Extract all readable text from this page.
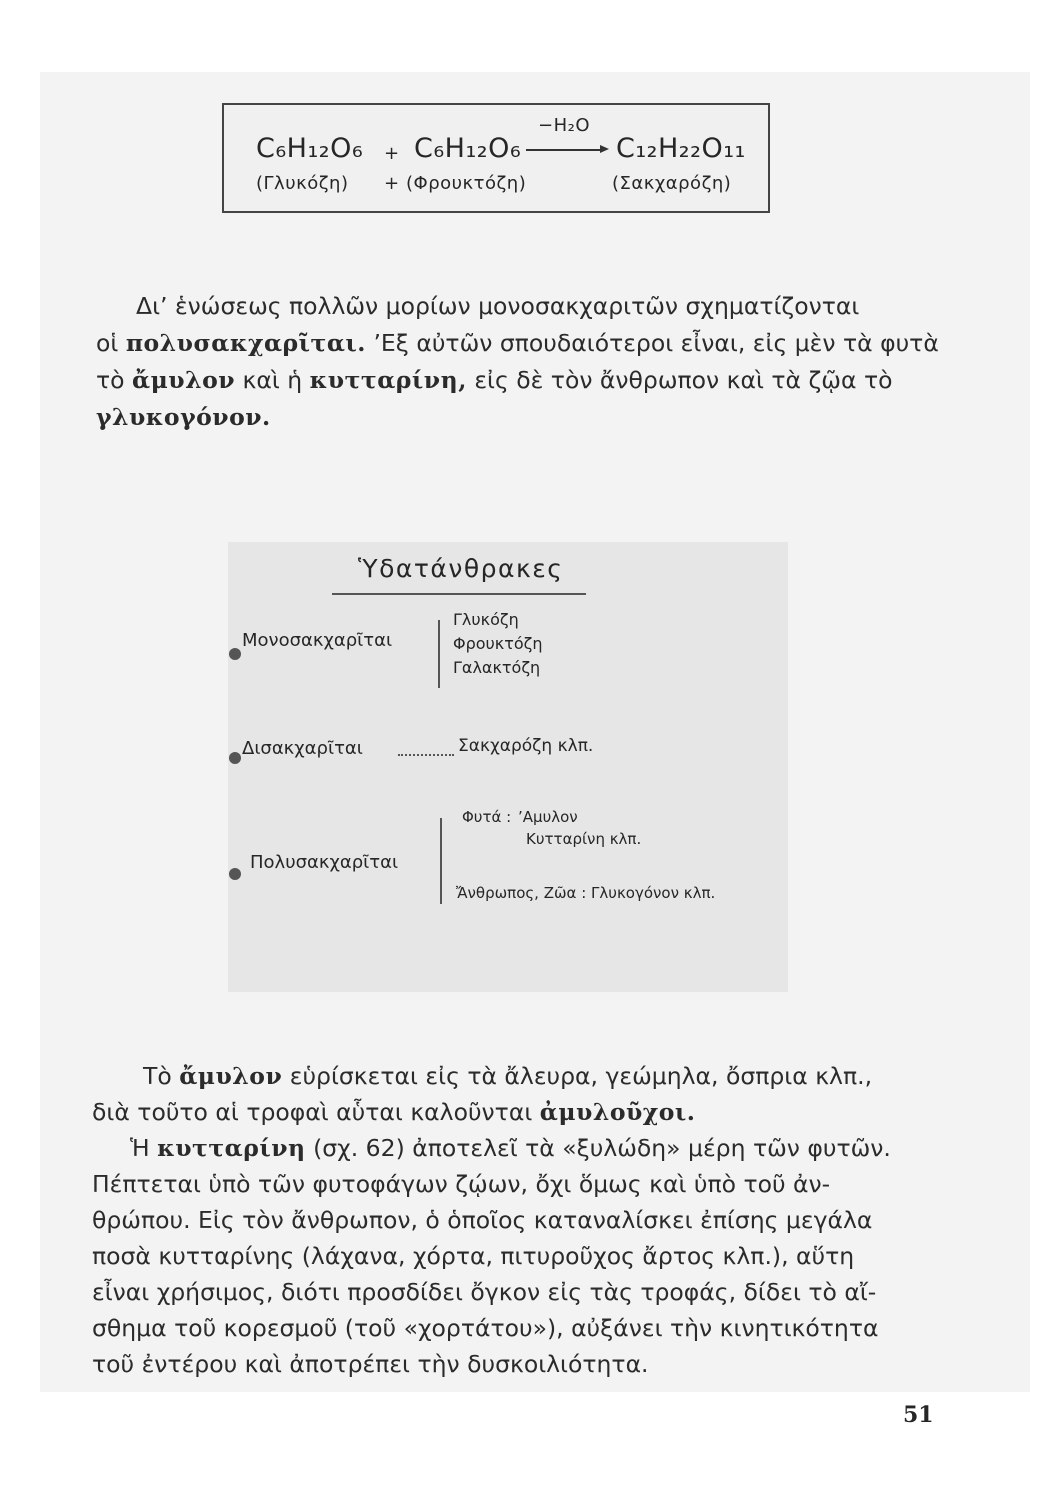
C₆H₁₂O₆ + C₆H₁₂O₆
−H₂O
C₁₂H₂₂O₁₁
(Γλυκόζη) + (Φρουκτόζη)	(Σακχαρόζη)
Δι’ ἑνώσεως πολλῶν μορίων μονοσακχαριτῶν σχηματίζονται
οἱ πολυσακχαρῖται. ’Εξ αὐτῶν σπουδαιότεροι εἶναι, εἰς μὲν τὰ φυτὰ
τὸ ἄμυλον καὶ ἡ κυτταρίνη, εἰς δὲ τὸν ἄνθρωπον καὶ τὰ ζῷα τὸ
γλυκογόνον.
Ὑδατάνθρακες
Μονοσακχαρῖται
Γλυκόζη
Φρουκτόζη
Γαλακτόζη
Δισακχαρῖται	Σακχαρόζη κλπ.
Πολυσακχαρῖται
Φυτά : ’Αμυλον
Κυτταρίνη κλπ.
Ἄνθρωπος, Ζῶα : Γλυκογόνον κλπ.
Τὸ ἄμυλον εὑρίσκεται εἰς τὰ ἄλευρα, γεώμηλα, ὄσπρια κλπ.,
διὰ τοῦτο αἱ τροφαὶ αὗται καλοῦνται ἀμυλοῦχοι.
Ἡ κυτταρίνη (σχ. 62) ἀποτελεῖ τὰ «ξυλώδη» μέρη τῶν φυτῶν.
Πέπτεται ὑπὸ τῶν φυτοφάγων ζῴων, ὄχι ὅμως καὶ ὑπὸ τοῦ ἀν-
θρώπου. Εἰς τὸν ἄνθρωπον, ὁ ὁποῖος καταναλίσκει ἐπίσης μεγάλα
ποσὰ κυτταρίνης (λάχανα, χόρτα, πιτυροῦχος ἄρτος κλπ.), αὕτη
εἶναι χρήσιμος, διότι προσδίδει ὄγκον εἰς τὰς τροφάς, δίδει τὸ αἴ-
σθημα τοῦ κορεσμοῦ (τοῦ «χορτάτου»), αὐξάνει τὴν κινητικότητα
τοῦ ἐντέρου καὶ ἀποτρέπει τὴν δυσκοιλιότητα.
51
